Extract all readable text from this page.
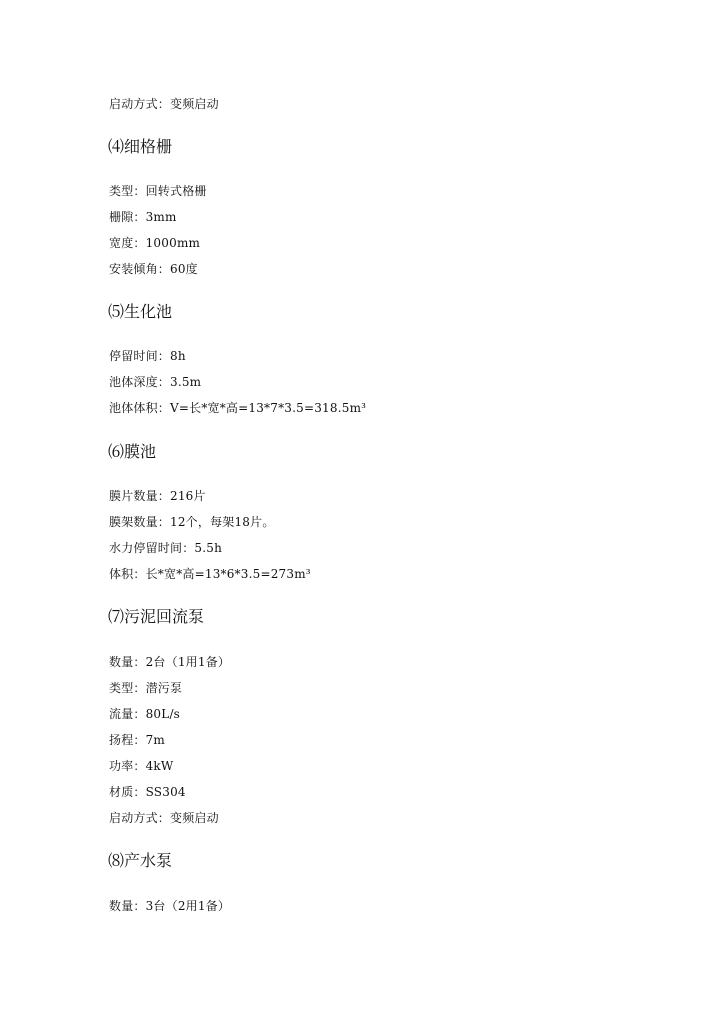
启动方式：变频启动
⑷细格栅
类型：回转式格栅
栅隙：3mm
宽度：1000mm
安装倾角：60度
⑸生化池
停留时间：8h
池体深度：3.5m
池体体积：V=长*宽*高=13*7*3.5=318.5m³
⑹膜池
膜片数量：216片
膜架数量：12个，每架18片。
水力停留时间：5.5h
体积：长*宽*高=13*6*3.5=273m³
⑺污泥回流泵
数量：2台（1用1备）
类型：潜污泵
流量：80L/s
扬程：7m
功率：4kW
材质：SS304
启动方式：变频启动
⑻产水泵
数量：3台（2用1备）
